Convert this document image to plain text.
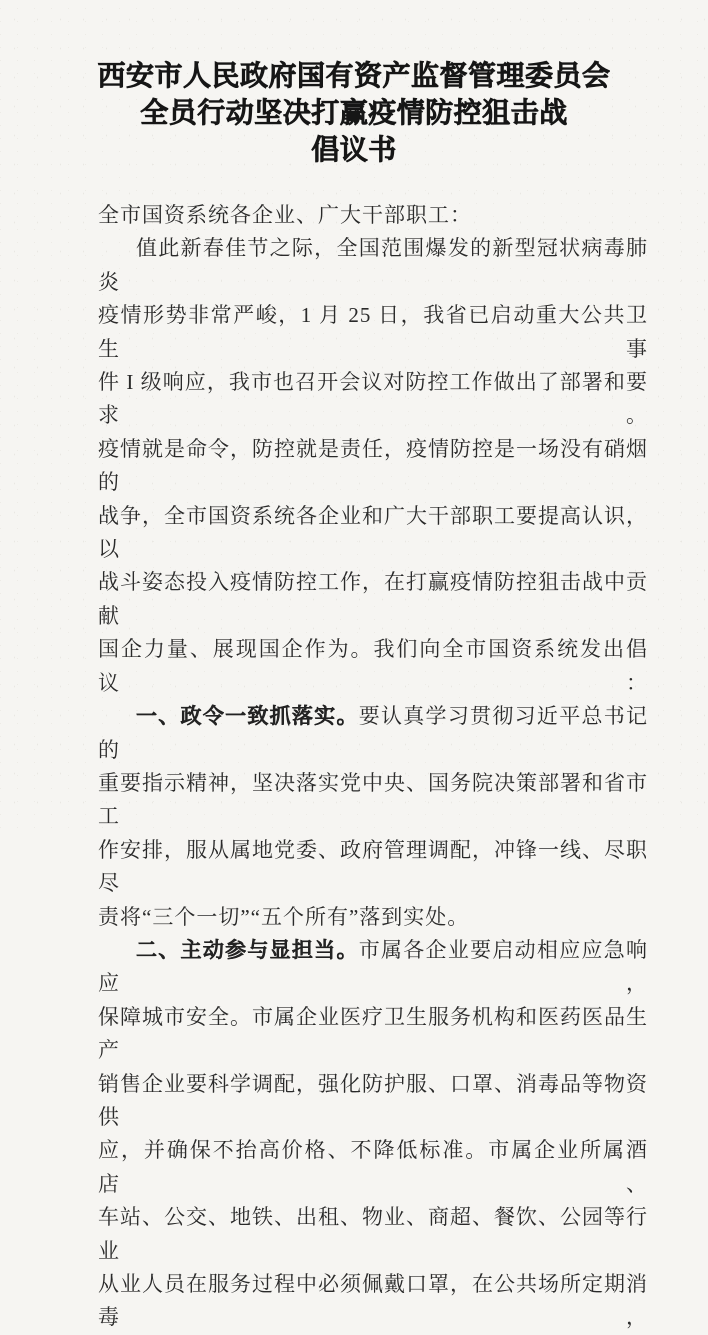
西安市人民政府国有资产监督管理委员会
全员行动坚决打赢疫情防控狙击战
倡议书
全市国资系统各企业、广大干部职工：
值此新春佳节之际，全国范围爆发的新型冠状病毒肺炎
疫情形势非常严峻，1 月 25 日，我省已启动重大公共卫生事
件 I 级响应，我市也召开会议对防控工作做出了部署和要求。
疫情就是命令，防控就是责任，疫情防控是一场没有硝烟的
战争，全市国资系统各企业和广大干部职工要提高认识，以
战斗姿态投入疫情防控工作，在打赢疫情防控狙击战中贡献
国企力量、展现国企作为。我们向全市国资系统发出倡议：
一、政令一致抓落实。要认真学习贯彻习近平总书记的
重要指示精神，坚决落实党中央、国务院决策部署和省市工
作安排，服从属地党委、政府管理调配，冲锋一线、尽职尽
责将“三个一切”“五个所有”落到实处。
二、主动参与显担当。市属各企业要启动相应应急响应，
保障城市安全。市属企业医疗卫生服务机构和医药医品生产
销售企业要科学调配，强化防护服、口罩、消毒品等物资供
应，并确保不抬高价格、不降低标准。市属企业所属酒店、
车站、公交、地铁、出租、物业、商超、餐饮、公园等行业
从业人员在服务过程中必须佩戴口罩，在公共场所定期消毒，
